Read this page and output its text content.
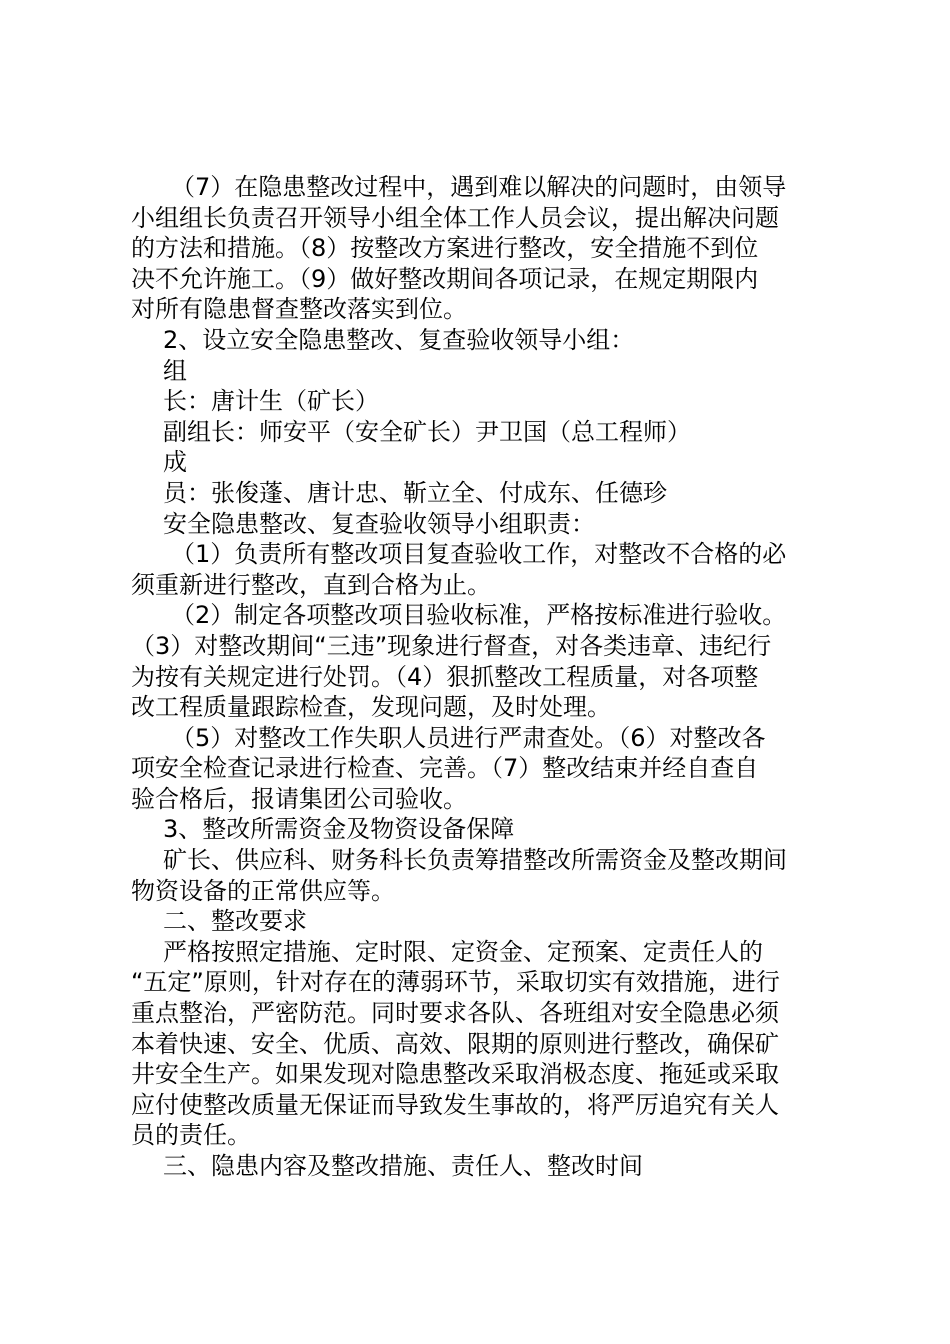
（7）在隐患整改过程中，遇到难以解决的问题时，由领导
小组组长负责召开领导小组全体工作人员会议，提出解决问题
的方法和措施。（8）按整改方案进行整改，安全措施不到位
决不允许施工。（9）做好整改期间各项记录，在规定期限内
对所有隐患督查整改落实到位。
2、设立安全隐患整改、复查验收领导小组：
组
长：唐计生（矿长）
副组长：师安平（安全矿长）尹卫国（总工程师）
成
员：张俊蓬、唐计忠、靳立全、付成东、任德珍
安全隐患整改、复查验收领导小组职责：
（1）负责所有整改项目复查验收工作，对整改不合格的必
须重新进行整改，直到合格为止。
（2）制定各项整改项目验收标准，严格按标准进行验收。
（3）对整改期间“三违”现象进行督查，对各类违章、违纪行
为按有关规定进行处罚。（4）狠抓整改工程质量，对各项整
改工程质量跟踪检查，发现问题，及时处理。
（5）对整改工作失职人员进行严肃查处。（6）对整改各
项安全检查记录进行检查、完善。（7）整改结束并经自查自
验合格后，报请集团公司验收。
3、整改所需资金及物资设备保障
矿长、供应科、财务科长负责筹措整改所需资金及整改期间
物资设备的正常供应等。
二、整改要求
严格按照定措施、定时限、定资金、定预案、定责任人的
“五定”原则，针对存在的薄弱环节，采取切实有效措施，进行
重点整治，严密防范。同时要求各队、各班组对安全隐患必须
本着快速、安全、优质、高效、限期的原则进行整改，确保矿
井安全生产。如果发现对隐患整改采取消极态度、拖延或采取
应付使整改质量无保证而导致发生事故的，将严厉追究有关人
员的责任。
三、隐患内容及整改措施、责任人、整改时间
